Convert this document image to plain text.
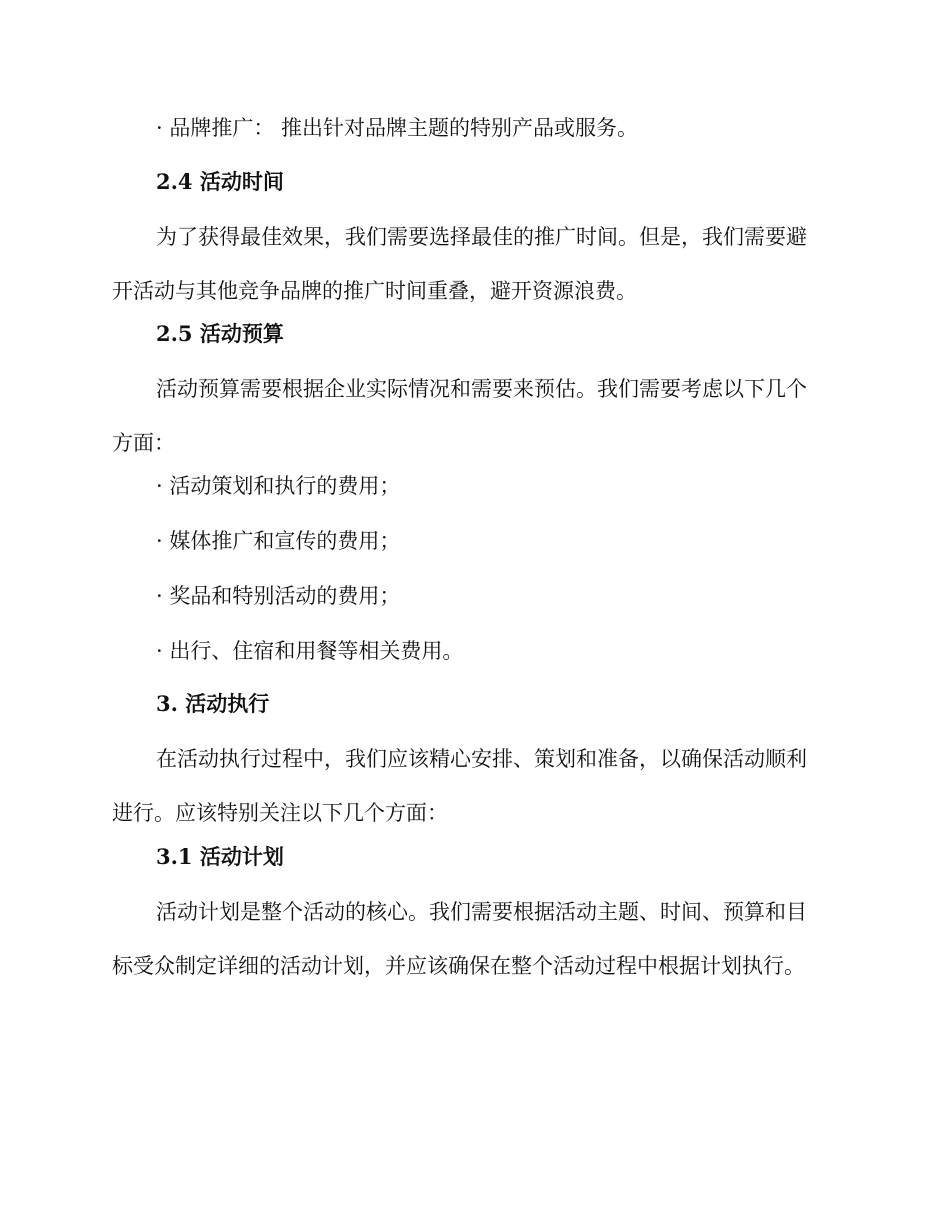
· 品牌推广： 推出针对品牌主题的特别产品或服务。

2.4 活动时间

为了获得最佳效果，我们需要选择最佳的推广时间。但是，我们需要避
开活动与其他竞争品牌的推广时间重叠，避开资源浪费。

2.5 活动预算

活动预算需要根据企业实际情况和需要来预估。我们需要考虑以下几个
方面：

· 活动策划和执行的费用；

· 媒体推广和宣传的费用；

· 奖品和特别活动的费用；

· 出行、住宿和用餐等相关费用。

3. 活动执行

在活动执行过程中，我们应该精心安排、策划和准备，以确保活动顺利
进行。应该特别关注以下几个方面：

3.1 活动计划

活动计划是整个活动的核心。我们需要根据活动主题、时间、预算和目
标受众制定详细的活动计划，并应该确保在整个活动过程中根据计划执行。
